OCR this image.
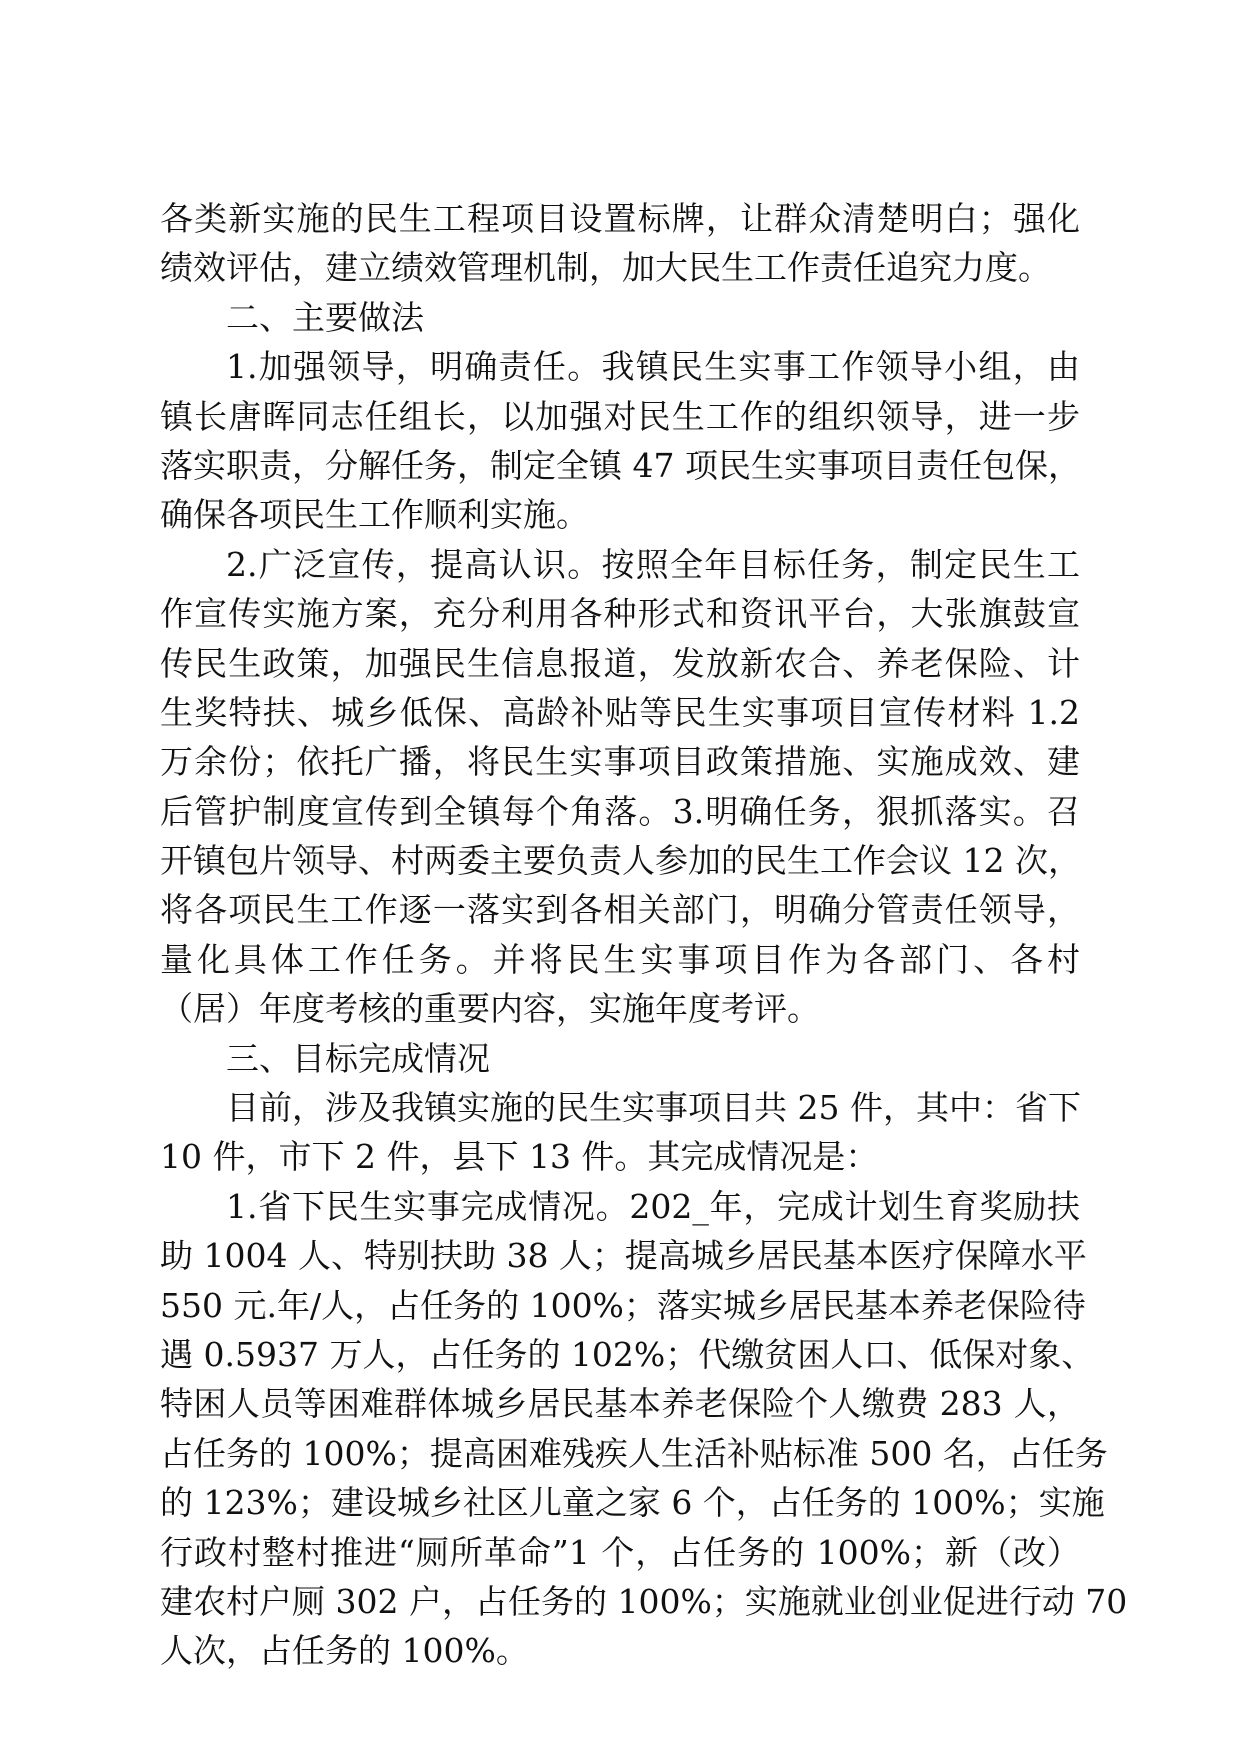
各类新实施的民生工程项目设置标牌，让群众清楚明白；强化
绩效评估，建立绩效管理机制，加大民生工作责任追究力度。
二、主要做法
1.加强领导，明确责任。我镇民生实事工作领导小组，由
镇长唐晖同志任组长，以加强对民生工作的组织领导，进一步
落实职责，分解任务，制定全镇 47 项民生实事项目责任包保，
确保各项民生工作顺利实施。
2.广泛宣传，提高认识。按照全年目标任务，制定民生工
作宣传实施方案，充分利用各种形式和资讯平台，大张旗鼓宣
传民生政策，加强民生信息报道，发放新农合、养老保险、计
生奖特扶、城乡低保、高龄补贴等民生实事项目宣传材料 1.2
万余份；依托广播，将民生实事项目政策措施、实施成效、建
后管护制度宣传到全镇每个角落。3.明确任务，狠抓落实。召
开镇包片领导、村两委主要负责人参加的民生工作会议 12 次，
将各项民生工作逐一落实到各相关部门，明确分管责任领导，
量化具体工作任务。并将民生实事项目作为各部门、各村
（居）年度考核的重要内容，实施年度考评。
三、目标完成情况
目前，涉及我镇实施的民生实事项目共 25 件，其中：省下
10 件，市下 2 件，县下 13 件。其完成情况是：
1.省下民生实事完成情况。202_年，完成计划生育奖励扶
助 1004 人、特别扶助 38 人；提高城乡居民基本医疗保障水平
550 元.年/人，占任务的 100%；落实城乡居民基本养老保险待
遇 0.5937 万人，占任务的 102%；代缴贫困人口、低保对象、
特困人员等困难群体城乡居民基本养老保险个人缴费 283 人，
占任务的 100%；提高困难残疾人生活补贴标准 500 名，占任务
的 123%；建设城乡社区儿童之家 6 个，占任务的 100%；实施
行政村整村推进“厕所革命”1 个，占任务的 100%；新（改）
建农村户厕 302 户，占任务的 100%；实施就业创业促进行动 70
人次，占任务的 100%。
